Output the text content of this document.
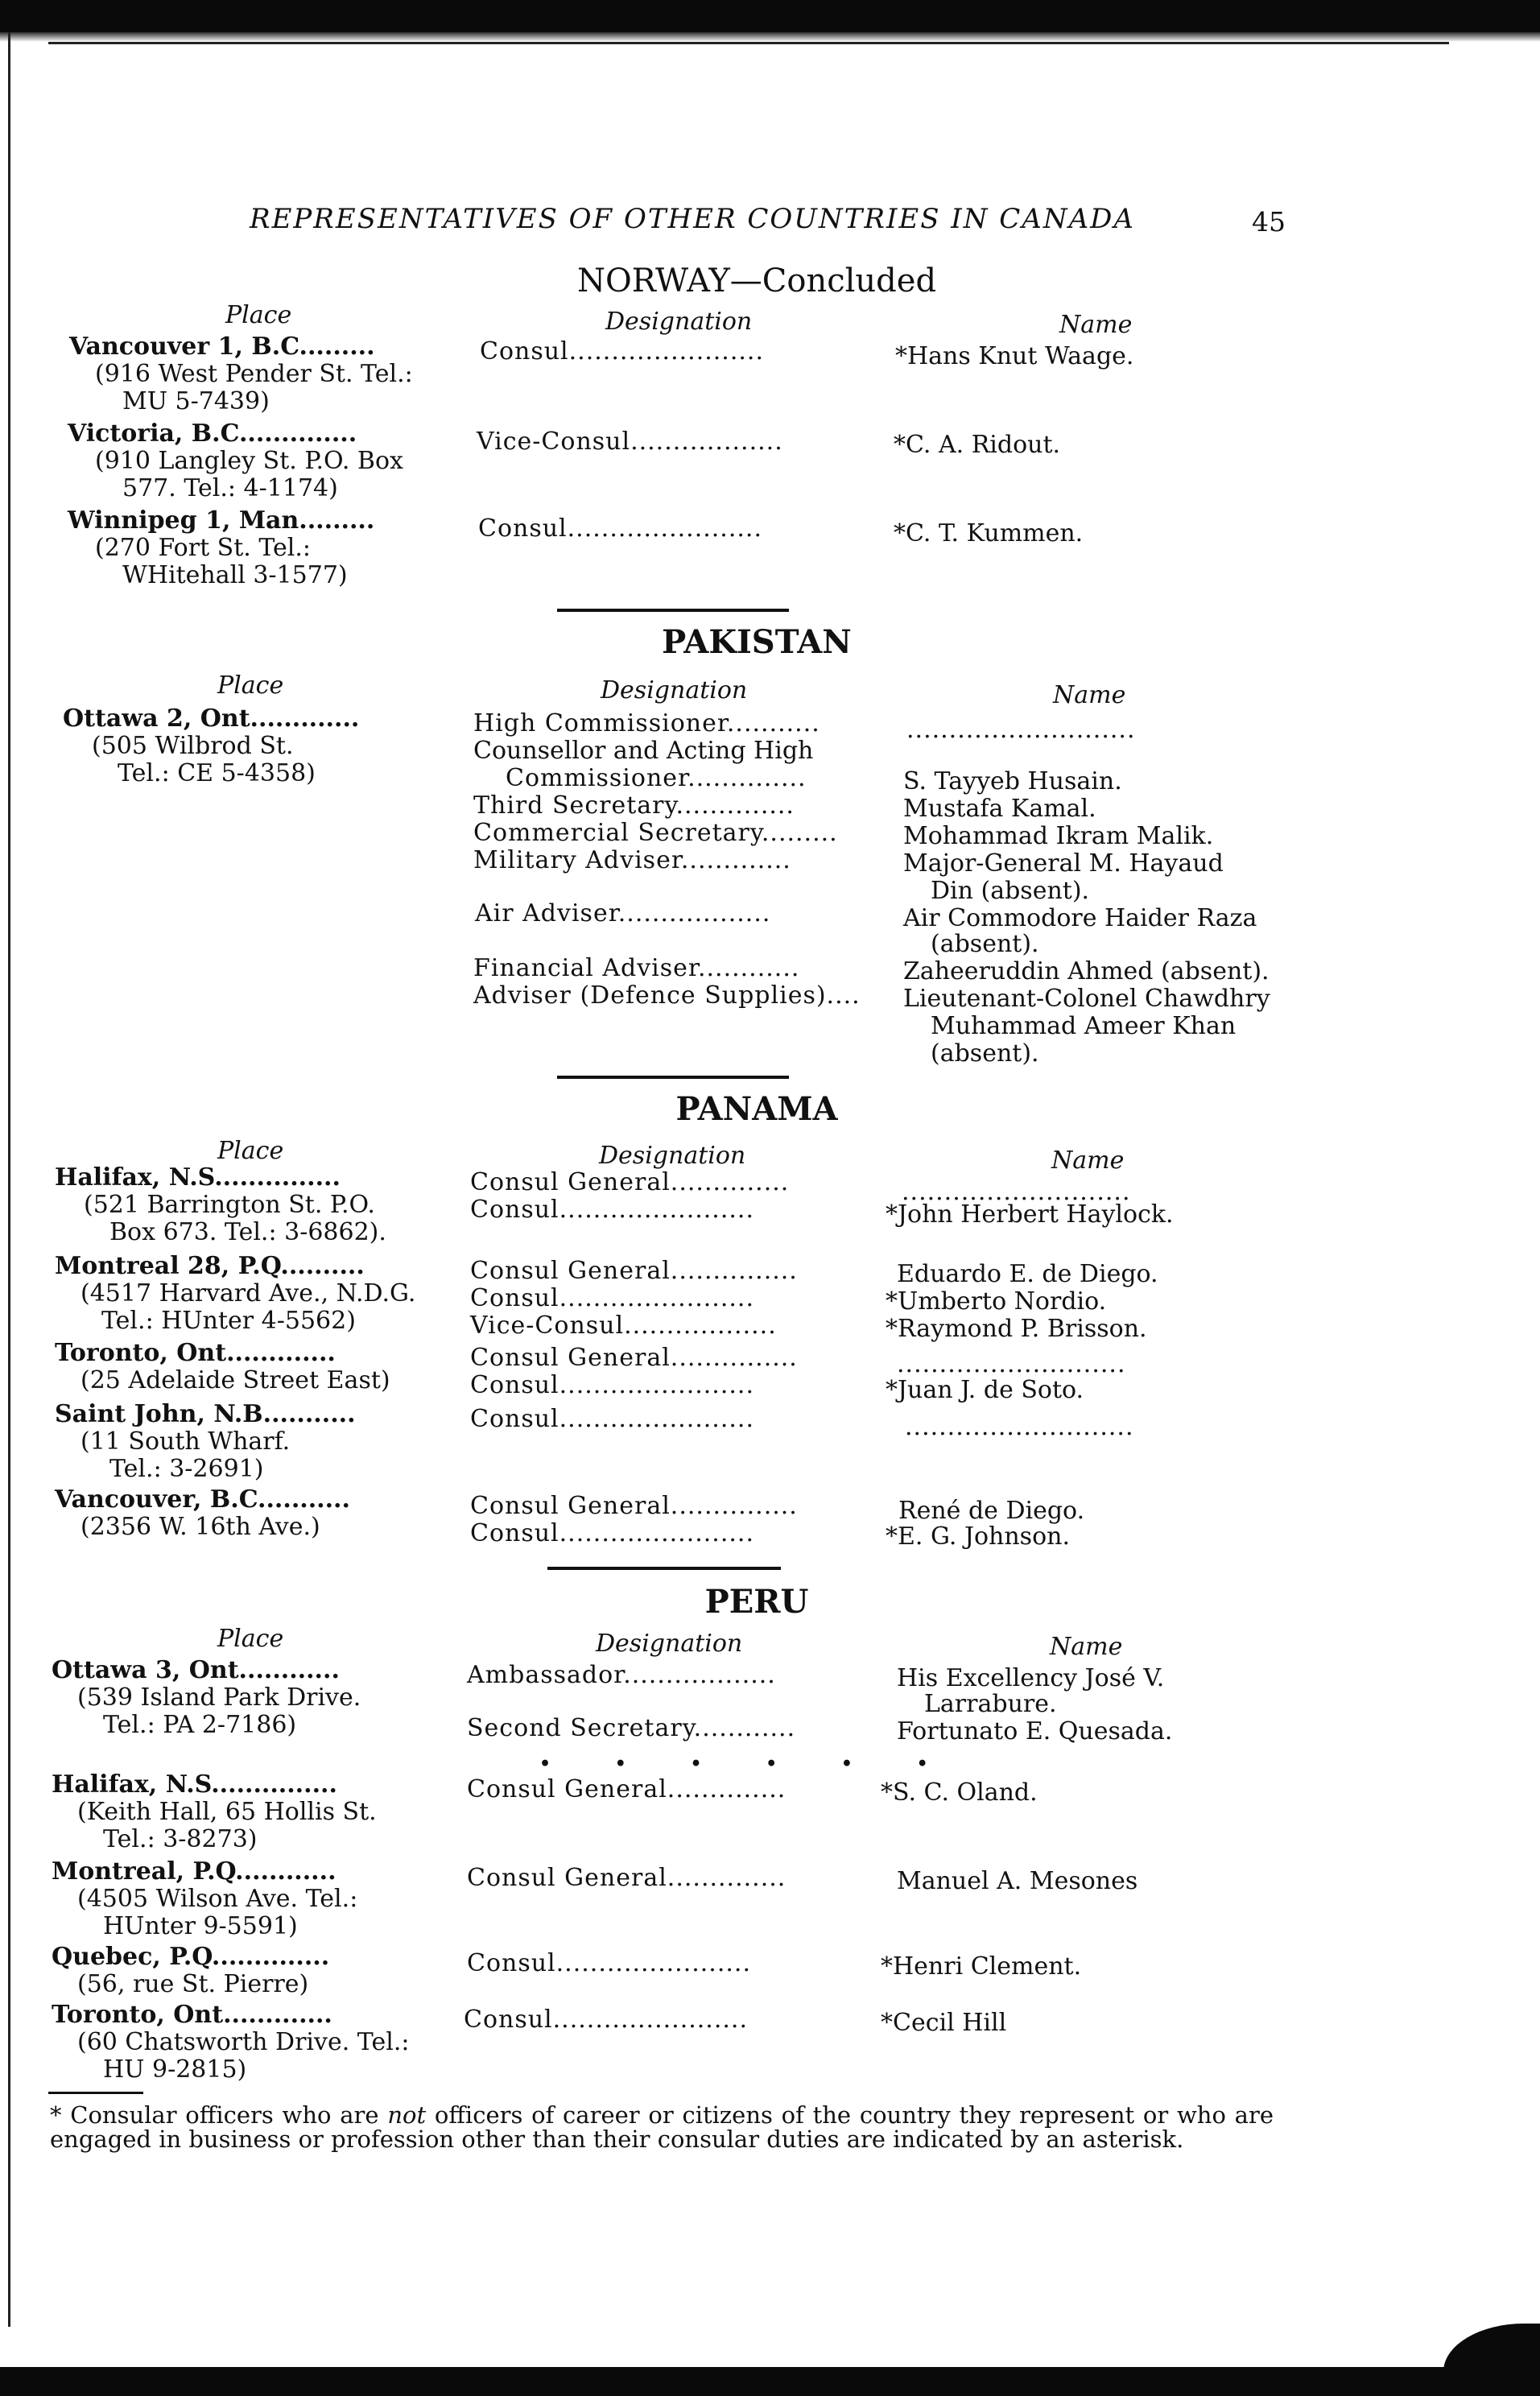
REPRESENTATIVES OF OTHER COUNTRIES IN CANADA	45
NORWAY—Concluded
Place	Designation	Name
Vancouver 1, B.C.........
(916 West Pender St. Tel.:
MU 5-7439)
Consul.......................	*Hans Knut Waage.
Victoria, B.C..............
(910 Langley St. P.O. Box
577. Tel.: 4-1174)
Vice-Consul..................	*C. A. Ridout.
Winnipeg 1, Man.........
(270 Fort St. Tel.:
WHitehall 3-1577)
Consul.......................	*C. T. Kummen.
PAKISTAN
Place	Designation	Name
Ottawa 2, Ont.............
(505 Wilbrod St.
Tel.: CE 5-4358)
High Commissioner...........	...........................
Counsellor and Acting High
Commissioner..............	S. Tayyeb Husain.
Third Secretary..............	Mustafa Kamal.
Commercial Secretary.........	Mohammad Ikram Malik.
Military Adviser.............	Major-General M. Hayaud
Din (absent).
Air Adviser..................	Air Commodore Haider Raza
(absent).
Financial Adviser............	Zaheeruddin Ahmed (absent).
Adviser (Defence Supplies).... Lieutenant-Colonel Chawdhry
Muhammad Ameer Khan
(absent).
PANAMA
Place	Designation	Name
Halifax, N.S...............
(521 Barrington St. P.O.
Box 673. Tel.: 3-6862).
Consul General..............	...........................
Consul.......................	*John Herbert Haylock.
Montreal 28, P.Q..........
(4517 Harvard Ave., N.D.G.
Tel.: HUnter 4-5562)
Consul General...............	Eduardo E. de Diego.
Consul.......................	*Umberto Nordio.
Vice-Consul..................	*Raymond P. Brisson.
Toronto, Ont.............
(25 Adelaide Street East)
Consul General...............	...........................
Consul.......................	*Juan J. de Soto.
Saint John, N.B...........
(11 South Wharf.
Tel.: 3-2691)
Consul.......................	...........................
Vancouver, B.C...........
(2356 W. 16th Ave.)
Consul General...............	René de Diego.
Consul.......................	*E. G. Johnson.
PERU
Place	Designation	Name
Ottawa 3, Ont............
(539 Island Park Drive.
Tel.: PA 2-7186)
Ambassador..................	His Excellency José V.
Larrabure.
Second Secretary............	Fortunato E. Quesada.
• • • • • •
Halifax, N.S...............
(Keith Hall, 65 Hollis St.
Tel.: 3-8273)
Consul General..............	*S. C. Oland.
Montreal, P.Q............
(4505 Wilson Ave. Tel.:
HUnter 9-5591)
Consul General..............	Manuel A. Mesones
Quebec, P.Q..............
(56, rue St. Pierre)
Consul.......................	*Henri Clement.
Toronto, Ont.............
(60 Chatsworth Drive. Tel.:
HU 9-2815)
Consul.......................	*Cecil Hill
* Consular officers who are not officers of career or citizens of the country they represent or who are engaged in business or profession other than their consular duties are indicated by an asterisk.
